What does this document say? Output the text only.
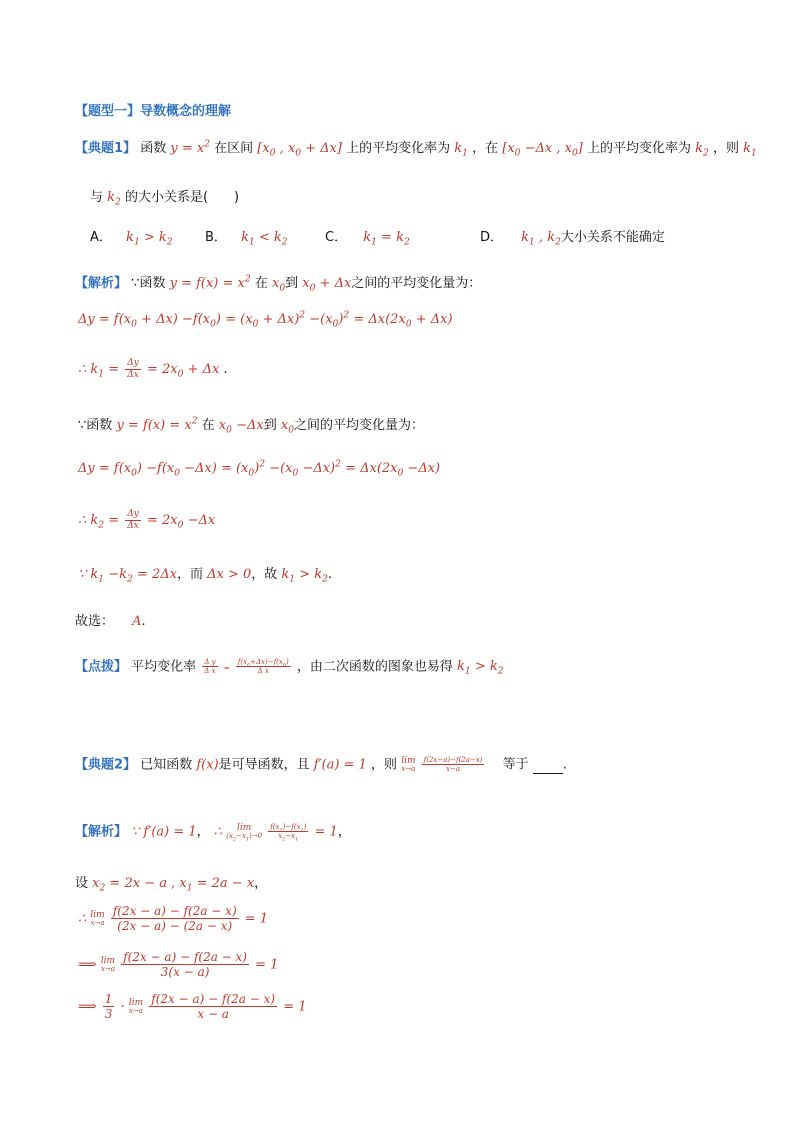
【题型一】导数概念的理解
【典题1】 函数 $y = x^2$ 在区间 [$x_0$ , $x_0 + \Delta x$] 上的平均变化率为 $k_1$ ，在 [$x_0 -\Delta x$ , $x_0$] 上的平均变化率为 $k_2$ ，则 $k_1$
与 $k_2$ 的大小关系是(　　)
A． $k_1 > k_2$ B． $k_1 < k_2$	C． $k_1 = k_2$	D． $k_1$ , $k_2$大小关系不能确定
【解析】 ∵函数 $y = f(x) = x^2$ 在 $x_0$到 $x_0 + \Delta x$之间的平均变化量为：
$\Delta y = f(x_0 + \Delta x) -f(x_0) = (x_0 + \Delta x)^2 -(x_0)^2 = \Delta x(2x_0 + \Delta x)$
∴ $k_1 = \frac{\Delta y}{\Delta x} = 2x_0 + \Delta x$ .
∵函数 $y = f(x) = x^2$ 在 $x_0 -\Delta x$到 $x_0$之间的平均变化量为：
$\Delta y = f(x_0) -f(x_0 -\Delta x) = (x_0)^2 -(x_0 -\Delta x)^2 = \Delta x(2x_0 -\Delta x)$
∴ $k_2 = \frac{\Delta y}{\Delta x} = 2x_0 -\Delta x$
∵ $k_1 -k_2 = 2\Delta x$，而 Δx > 0，故 $k_1 > k_2$.
故选： A.
【点拨】 平均变化率 $\frac{\text{Δ y}}{\text{Δ x}} = \frac{f(x_0+\Delta x)-f(x_0)}{\text{Δ x}}$ ，由二次函数的图象也易得 $k_1 > k_2$
【典题2】 已知函数 f(x)是可导函数，且 f′(a) = 1 ，则 lim
x→a
$\frac{f(2x-a)-f(2a-x)}{x-a}$ 等于	.
【解析】 ∵ f′(a) = 1， ∴	lim
$(x_2-x_1)\to 0$
$\frac{f(x_2)-f(x_1)}{x_2-x_1} = 1$，
设 $x_2 = 2x - a$ , $x_1 = 2a - x$，
∴ lim
x→a
$\frac{f(2x - a) - f(2a - x)}{(2x - a) - (2a - x)} = 1$
⟹ lim
x→a
$\frac{f(2x - a) - f(2a - x)}{3(x - a)} = 1$
⟹ $\frac{1}{3} \cdot \lim$
x→a
$\frac{f(2x - a) - f(2a - x)}{x - a} = 1$
